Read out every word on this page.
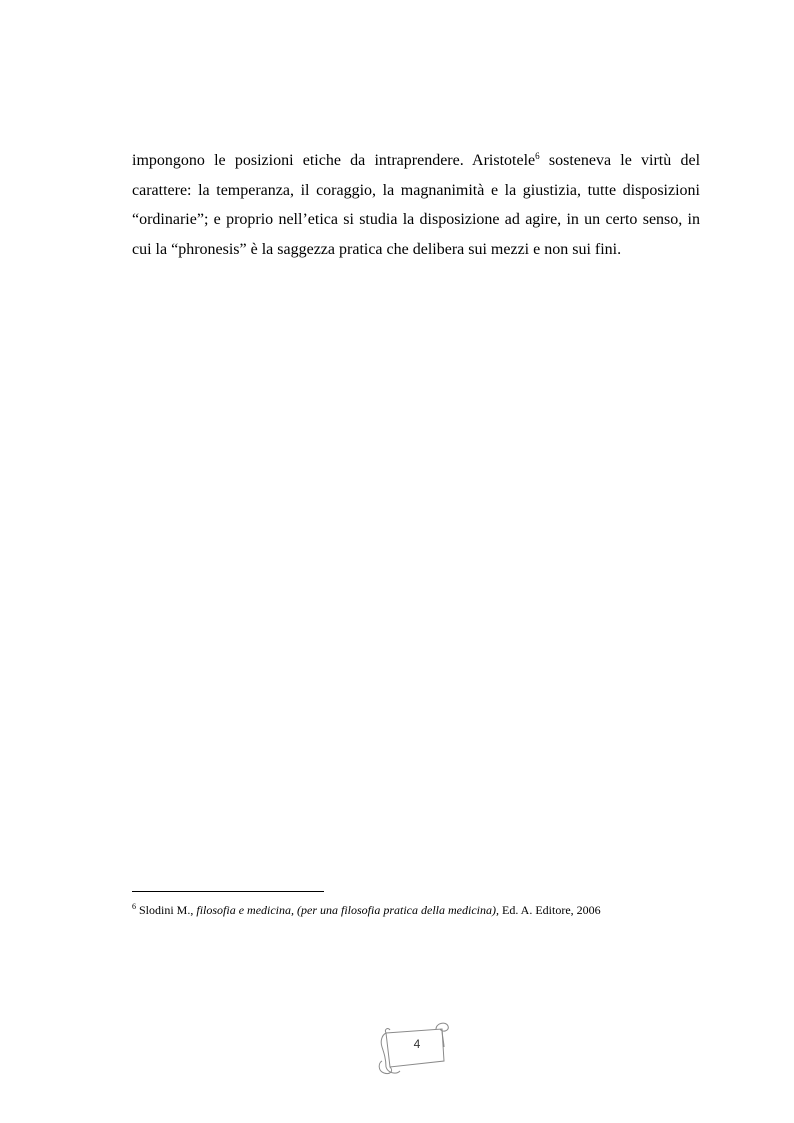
impongono le posizioni etiche da intraprendere. Aristotele$^6$ sosteneva le virtù del
carattere: la temperanza, il coraggio, la magnanimità e la giustizia, tutte disposizioni
“ordinarie”; e proprio nell’etica si studia la disposizione ad agire, in un certo senso, in
cui la “phronesis” è la saggezza pratica che delibera sui mezzi e non sui fini.
$^6$ Slodini M., filosofia e medicina, (per una filosofia pratica della medicina), Ed. A. Editore, 2006
4
